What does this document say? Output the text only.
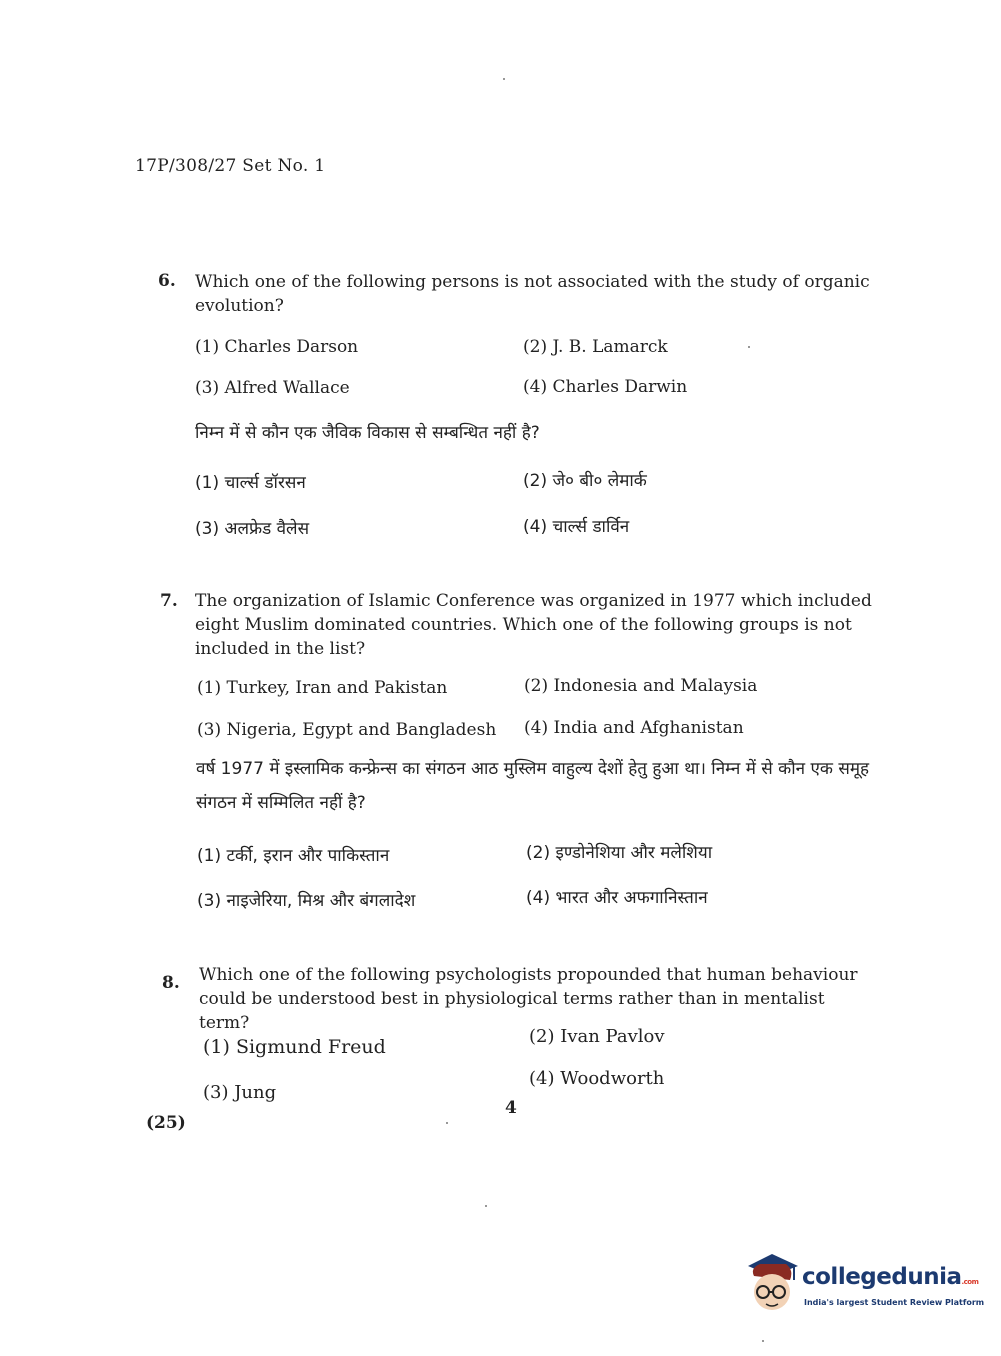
17P/308/27 Set No. 1
6. Which one of the following persons is not associated with the study of organic evolution?
(1) Charles Darson	(2) J. B. Lamarck
(3) Alfred Wallace	(4) Charles Darwin
निम्न में से कौन एक जैविक विकास से सम्बन्धित नहीं है?
(1) चार्ल्स डॉरसन	(2) जे० बी० लेमार्क
(3) अलफ्रेड वैलेस	(4) चार्ल्स डार्विन
7. The organization of Islamic Conference was organized in 1977 which included eight Muslim dominated countries. Which one of the following groups is not included in the list?
(1) Turkey, Iran and Pakistan	(2) Indonesia and Malaysia
(3) Nigeria, Egypt and Bangladesh (4) India and Afghanistan
वर्ष 1977 में इस्लामिक कन्फ्रेन्स का संगठन आठ मुस्लिम वाहुल्य देशों हेतु हुआ था। निम्न में से कौन एक समूह संगठन में सम्मिलित नहीं है?
(1) टर्की, इरान और पाकिस्तान	(2) इण्डोनेशिया और मलेशिया
(3) नाइजेरिया, मिश्र और बंगलादेश	(4) भारत और अफगानिस्तान
8. Which one of the following psychologists propounded that human behaviour could be understood best in physiological terms rather than in mentalist term?
(1) Sigmund Freud	(2) Ivan Pavlov
(3) Jung
(4) Woodworth
(25)
4
collegedunia.com
India's largest Student Review Platform
